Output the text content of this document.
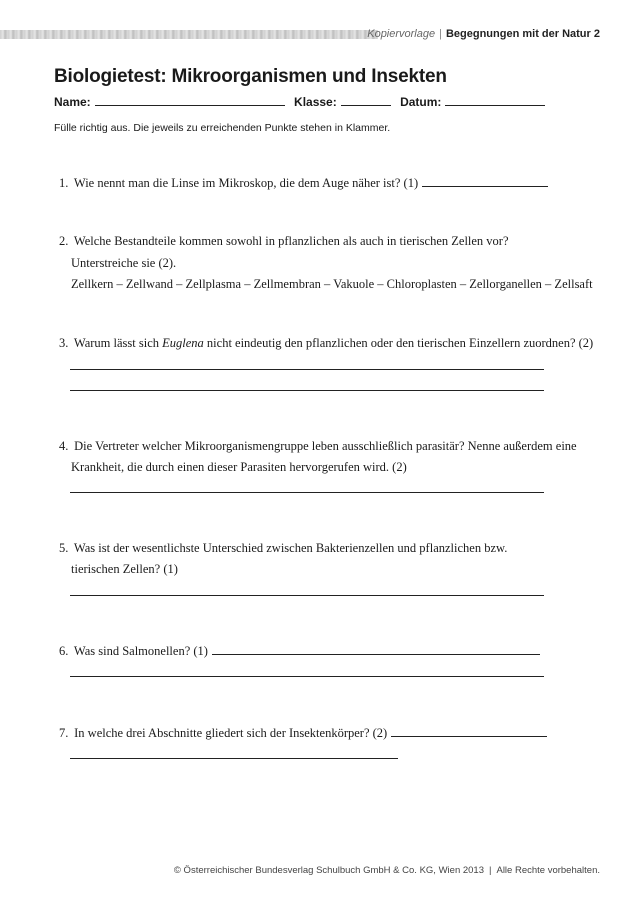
Kopiervorlage | Begegnungen mit der Natur 2
Biologietest: Mikroorganismen und Insekten
Name:	Klasse:	Datum:
Fülle richtig aus. Die jeweils zu erreichenden Punkte stehen in Klammer.
1. Wie nennt man die Linse im Mikroskop, die dem Auge näher ist? (1)
2. Welche Bestandteile kommen sowohl in pflanzlichen als auch in tierischen Zellen vor?
Unterstreiche sie (2).
Zellkern – Zellwand – Zellplasma – Zellmembran – Vakuole – Chloroplasten – Zellorganellen – Zellsaft
3. Warum lässt sich Euglena nicht eindeutig den pflanzlichen oder den tierischen Einzellern zuordnen? (2)
4. Die Vertreter welcher Mikroorganismengruppe leben ausschließlich parasitär? Nenne außerdem eine
Krankheit, die durch einen dieser Parasiten hervorgerufen wird. (2)
5. Was ist der wesentlichste Unterschied zwischen Bakterienzellen und pflanzlichen bzw.
tierischen Zellen? (1)
6. Was sind Salmonellen? (1)
7. In welche drei Abschnitte gliedert sich der Insektenkörper? (2)
© Österreichischer Bundesverlag Schulbuch GmbH & Co. KG, Wien 2013 | Alle Rechte vorbehalten.
